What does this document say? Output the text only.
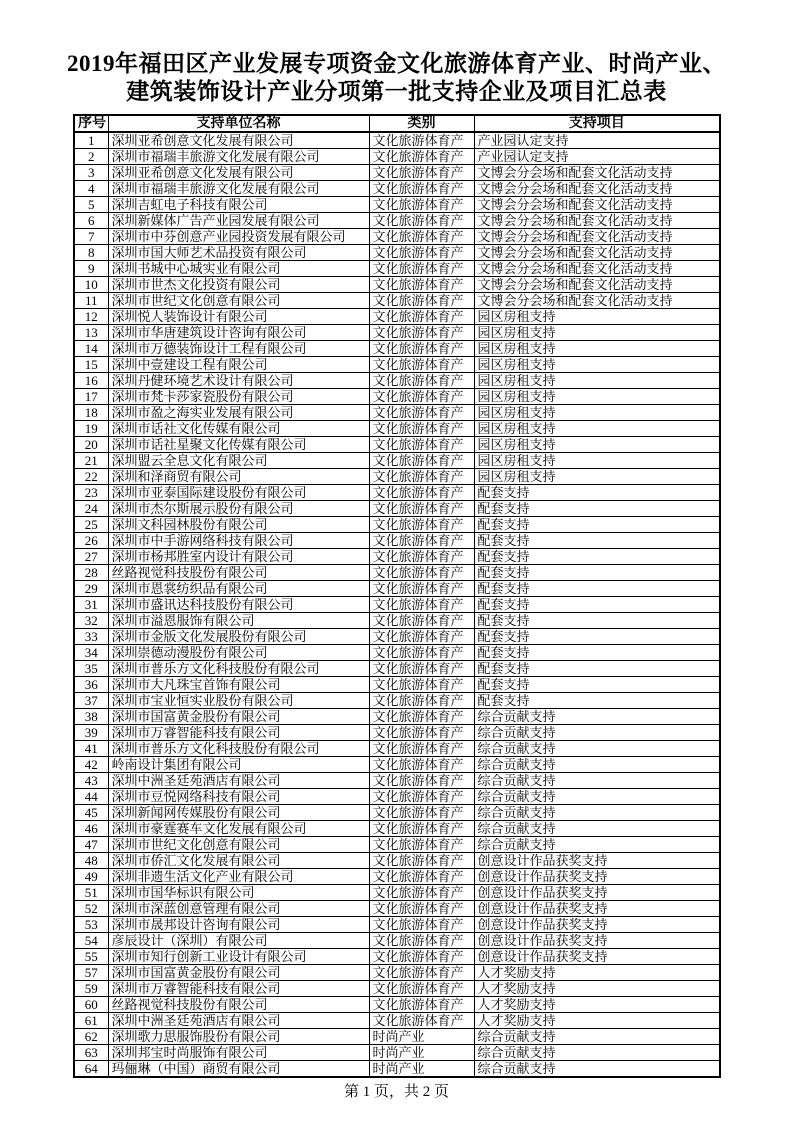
2019年福田区产业发展专项资金文化旅游体育产业、时尚产业、
建筑装饰设计产业分项第一批支持企业及项目汇总表
序号	支持单位名称	类别	支持项目
1	深圳亚希创意文化发展有限公司	文化旅游体育产	产业园认定支持
2	深圳市福瑞丰旅游文化发展有限公司	文化旅游体育产	产业园认定支持
3	深圳亚希创意文化发展有限公司	文化旅游体育产	文博会分会场和配套文化活动支持
4	深圳市福瑞丰旅游文化发展有限公司	文化旅游体育产	文博会分会场和配套文化活动支持
5	深圳吉虹电子科技有限公司	文化旅游体育产	文博会分会场和配套文化活动支持
6	深圳新媒体广告产业园发展有限公司	文化旅游体育产	文博会分会场和配套文化活动支持
7	深圳市中芬创意产业园投资发展有限公司	文化旅游体育产	文博会分会场和配套文化活动支持
8	深圳市国大师艺术品投资有限公司	文化旅游体育产	文博会分会场和配套文化活动支持
9	深圳书城中心城实业有限公司	文化旅游体育产	文博会分会场和配套文化活动支持
10	深圳市世杰文化投资有限公司	文化旅游体育产	文博会分会场和配套文化活动支持
11	深圳市世纪文化创意有限公司	文化旅游体育产	文博会分会场和配套文化活动支持
12	深圳悦人装饰设计有限公司	文化旅游体育产	园区房租支持
13	深圳市华唐建筑设计咨询有限公司	文化旅游体育产	园区房租支持
14	深圳市万德装饰设计工程有限公司	文化旅游体育产	园区房租支持
15	深圳中壹建设工程有限公司	文化旅游体育产	园区房租支持
16	深圳丹健环境艺术设计有限公司	文化旅游体育产	园区房租支持
17	深圳市梵卡莎家瓷股份有限公司	文化旅游体育产	园区房租支持
18	深圳市盈之海实业发展有限公司	文化旅游体育产	园区房租支持
19	深圳市话社文化传媒有限公司	文化旅游体育产	园区房租支持
20	深圳市话社星聚文化传媒有限公司	文化旅游体育产	园区房租支持
21	深圳盟云全息文化有限公司	文化旅游体育产	园区房租支持
22	深圳和泽商贸有限公司	文化旅游体育产	园区房租支持
23	深圳市亚泰国际建设股份有限公司	文化旅游体育产	配套支持
24	深圳市杰尔斯展示股份有限公司	文化旅游体育产	配套支持
25	深圳文科园林股份有限公司	文化旅游体育产	配套支持
26	深圳市中手游网络科技有限公司	文化旅游体育产	配套支持
27	深圳市杨邦胜室内设计有限公司	文化旅游体育产	配套支持
28	丝路视觉科技股份有限公司	文化旅游体育产	配套支持
29	深圳市恩裳纺织品有限公司	文化旅游体育产	配套支持
31	深圳市盛讯达科技股份有限公司	文化旅游体育产	配套支持
32	深圳市溢恩服饰有限公司	文化旅游体育产	配套支持
33	深圳市金版文化发展股份有限公司	文化旅游体育产	配套支持
34	深圳崇德动漫股份有限公司	文化旅游体育产	配套支持
35	深圳市普乐方文化科技股份有限公司	文化旅游体育产	配套支持
36	深圳市大凡珠宝首饰有限公司	文化旅游体育产	配套支持
37	深圳市宝业恒实业股份有限公司	文化旅游体育产	配套支持
38	深圳市国富黄金股份有限公司	文化旅游体育产	综合贡献支持
39	深圳市万睿智能科技有限公司	文化旅游体育产	综合贡献支持
41	深圳市普乐方文化科技股份有限公司	文化旅游体育产	综合贡献支持
42	岭南设计集团有限公司	文化旅游体育产	综合贡献支持
43	深圳中洲圣廷苑酒店有限公司	文化旅游体育产	综合贡献支持
44	深圳市豆悦网络科技有限公司	文化旅游体育产	综合贡献支持
45	深圳新闻网传媒股份有限公司	文化旅游体育产	综合贡献支持
46	深圳市豪霆赛车文化发展有限公司	文化旅游体育产	综合贡献支持
47	深圳市世纪文化创意有限公司	文化旅游体育产	综合贡献支持
48	深圳市侨汇文化发展有限公司	文化旅游体育产	创意设计作品获奖支持
49	深圳非遗生活文化产业有限公司	文化旅游体育产	创意设计作品获奖支持
51	深圳市国华标识有限公司	文化旅游体育产	创意设计作品获奖支持
52	深圳市深蓝创意管理有限公司	文化旅游体育产	创意设计作品获奖支持
53	深圳市晟邦设计咨询有限公司	文化旅游体育产	创意设计作品获奖支持
54	彦辰设计（深圳）有限公司	文化旅游体育产	创意设计作品获奖支持
55	深圳市知行创新工业设计有限公司	文化旅游体育产	创意设计作品获奖支持
57	深圳市国富黄金股份有限公司	文化旅游体育产	人才奖励支持
59	深圳市万睿智能科技有限公司	文化旅游体育产	人才奖励支持
60	丝路视觉科技股份有限公司	文化旅游体育产	人才奖励支持
61	深圳中洲圣廷苑酒店有限公司	文化旅游体育产	人才奖励支持
62	深圳歌力思服饰股份有限公司	时尚产业	综合贡献支持
63	深圳邦宝时尚服饰有限公司	时尚产业	综合贡献支持
64	玛俪琳（中国）商贸有限公司	时尚产业	综合贡献支持
第 1 页，共 2 页
